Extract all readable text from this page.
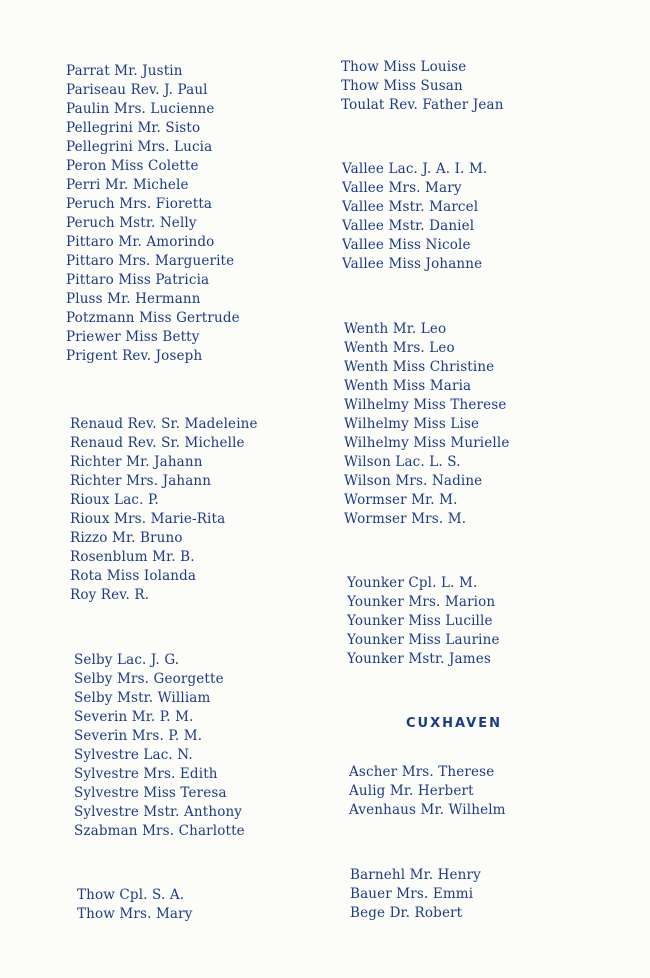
Parrat Mr. Justin
Pariseau Rev. J. Paul
Paulin Mrs. Lucienne
Pellegrini Mr. Sisto
Pellegrini Mrs. Lucia
Peron Miss Colette
Perri Mr. Michele
Peruch Mrs. Fioretta
Peruch Mstr. Nelly
Pittaro Mr. Amorindo
Pittaro Mrs. Marguerite
Pittaro Miss Patricia
Pluss Mr. Hermann
Potzmann Miss Gertrude
Priewer Miss Betty
Prigent Rev. Joseph
Renaud Rev. Sr. Madeleine
Renaud Rev. Sr. Michelle
Richter Mr. Jahann
Richter Mrs. Jahann
Rioux Lac. P.
Rioux Mrs. Marie-Rita
Rizzo Mr. Bruno
Rosenblum Mr. B.
Rota Miss Iolanda
Roy Rev. R.
Selby Lac. J. G.
Selby Mrs. Georgette
Selby Mstr. William
Severin Mr. P. M.
Severin Mrs. P. M.
Sylvestre Lac. N.
Sylvestre Mrs. Edith
Sylvestre Miss Teresa
Sylvestre Mstr. Anthony
Szabman Mrs. Charlotte
Thow Cpl. S. A.
Thow Mrs. Mary
Thow Miss Louise
Thow Miss Susan
Toulat Rev. Father Jean
Vallee Lac. J. A. I. M.
Vallee Mrs. Mary
Vallee Mstr. Marcel
Vallee Mstr. Daniel
Vallee Miss Nicole
Vallee Miss Johanne
Wenth Mr. Leo
Wenth Mrs. Leo
Wenth Miss Christine
Wenth Miss Maria
Wilhelmy Miss Therese
Wilhelmy Miss Lise
Wilhelmy Miss Murielle
Wilson Lac. L. S.
Wilson Mrs. Nadine
Wormser Mr. M.
Wormser Mrs. M.
Younker Cpl. L. M.
Younker Mrs. Marion
Younker Miss Lucille
Younker Miss Laurine
Younker Mstr. James
CUXHAVEN
Ascher Mrs. Therese
Aulig Mr. Herbert
Avenhaus Mr. Wilhelm
Barnehl Mr. Henry
Bauer Mrs. Emmi
Bege Dr. Robert
